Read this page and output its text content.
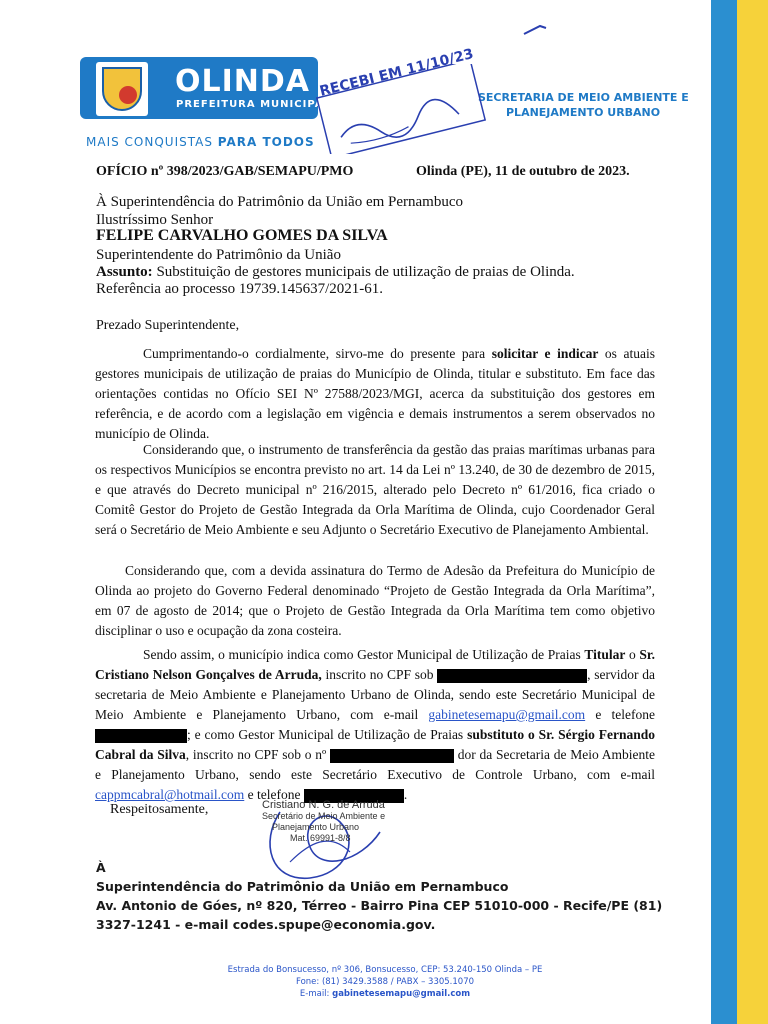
OLINDA
PREFEITURA MUNICIPAL
MAIS CONQUISTAS PARA TODOS
SECRETARIA DE MEIO AMBIENTE E
PLANEJAMENTO URBANO
RECEBI EM 11/10/23
OFÍCIO nº 398/2023/GAB/SEMAPU/PMO	Olinda (PE), 11 de outubro de 2023.
À Superintendência do Patrimônio da União em Pernambuco
Ilustríssimo Senhor
FELIPE CARVALHO GOMES DA SILVA
Superintendente do Patrimônio da União
Assunto: Substituição de gestores municipais de utilização de praias de Olinda.
Referência ao processo 19739.145637/2021-61.
Prezado Superintendente,

Cumprimentando-o cordialmente, sirvo-me do presente para solicitar e indicar os atuais gestores municipais de utilização de praias do Município de Olinda, titular e substituto. Em face das orientações contidas no Ofício SEI Nº 27588/2023/MGI, acerca da substituição dos gestores em referência, e de acordo com a legislação em vigência e demais instrumentos a serem observados no município de Olinda.

Considerando que, o instrumento de transferência da gestão das praias marítimas urbanas para os respectivos Municípios se encontra previsto no art. 14 da Lei nº 13.240, de 30 de dezembro de 2015, e que através do Decreto municipal nº 216/2015, alterado pelo Decreto nº 61/2016, fica criado o Comitê Gestor do Projeto de Gestão Integrada da Orla Marítima de Olinda, cujo Coordenador Geral será o Secretário de Meio Ambiente e seu Adjunto o Secretário Executivo de Planejamento Ambiental.

Considerando que, com a devida assinatura do Termo de Adesão da Prefeitura do Município de Olinda ao projeto do Governo Federal denominado “Projeto de Gestão Integrada da Orla Marítima”, em 07 de agosto de 2014; que o Projeto de Gestão Integrada da Orla Marítima tem como objetivo disciplinar o uso e ocupação da zona costeira.

Sendo assim, o município indica como Gestor Municipal de Utilização de Praias Titular o Sr. Cristiano Nelson Gonçalves de Arruda, inscrito no CPF sob	, servidor da secretaria de Meio Ambiente e Planejamento Urbano de Olinda, sendo este Secretário Municipal de Meio Ambiente e Planejamento Urbano, com e-mail gabinetesemapu@gmail.com e telefone ; e como Gestor Municipal de Utilização de Praias substituto o Sr. Sérgio Fernando Cabral da Silva, inscrito no CPF sob o nº	dor da Secretaria de Meio Ambiente e Planejamento Urbano, sendo este Secretário Executivo de Controle Urbano, com e-mail cappmcabral@hotmail.com e telefone	.

Respeitosamente,	Cristiano N. G. de Arruda
Secretário de Meio Ambiente e
Planejamento Urbano
Mat. 69991-8/8
À
Superintendência do Patrimônio da União em Pernambuco
Av. Antonio de Góes, nº 820, Térreo - Bairro Pina CEP 51010-000 - Recife/PE (81) 3327-1241 - e-mail codes.spupe@economia.gov.
Estrada do Bonsucesso, nº 306, Bonsucesso, CEP: 53.240-150 Olinda – PE
Fone: (81) 3429.3588 / PABX – 3305.1070
E-mail: gabinetesemapu@gmail.com
